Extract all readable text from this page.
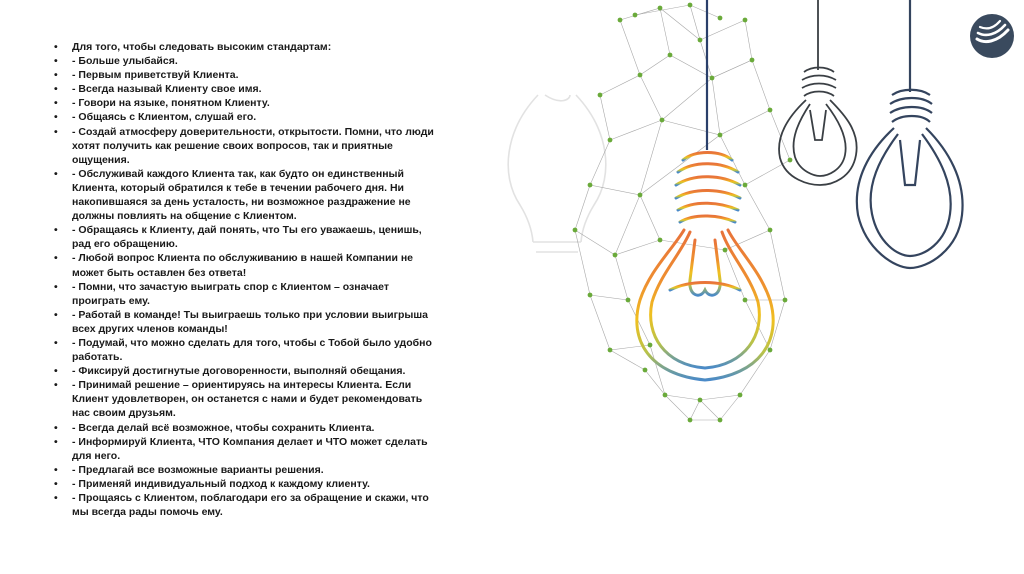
• Для того, чтобы следовать высоким стандартам:
• - Больше улыбайся.
• - Первым приветствуй Клиента.
• - Всегда называй Клиенту свое имя.
• - Говори на языке, понятном Клиенту.
• - Общаясь с Клиентом, слушай его.
• - Создай атмосферу доверительности, открытости. Помни, что люди хотят получить как решение своих вопросов, так и приятные ощущения.
• - Обслуживай каждого Клиента так, как будто он единственный Клиента, который обратился к тебе в течении рабочего дня. Ни накопившаяся за день усталость, ни возможное раздражение не должны повлиять на общение с Клиентом.
• - Обращаясь к Клиенту, дай понять, что Ты его уважаешь, ценишь, рад его обращению.
• - Любой вопрос Клиента по обслуживанию в нашей Компании не может быть оставлен без ответа!
• - Помни, что зачастую выиграть спор с Клиентом – означает проиграть ему.
• - Работай в команде! Ты выиграешь только при условии выигрыша всех других членов команды!
• - Подумай, что можно сделать для того, чтобы с Тобой было удобно работать.
• - Фиксируй достигнутые договоренности, выполняй обещания.
• - Принимай решение – ориентируясь на интересы Клиента. Если Клиент удовлетворен, он останется с нами и будет рекомендовать нас своим друзьям.
• - Всегда делай всё возможное, чтобы сохранить Клиента.
• - Информируй Клиента, ЧТО Компания делает и ЧТО может сделать для него.
• - Предлагай все возможные варианты решения.
• - Применяй индивидуальный подход к каждому клиенту.
• - Прощаясь с Клиентом, поблагодари его за обращение и скажи, что мы всегда рады помочь ему.
